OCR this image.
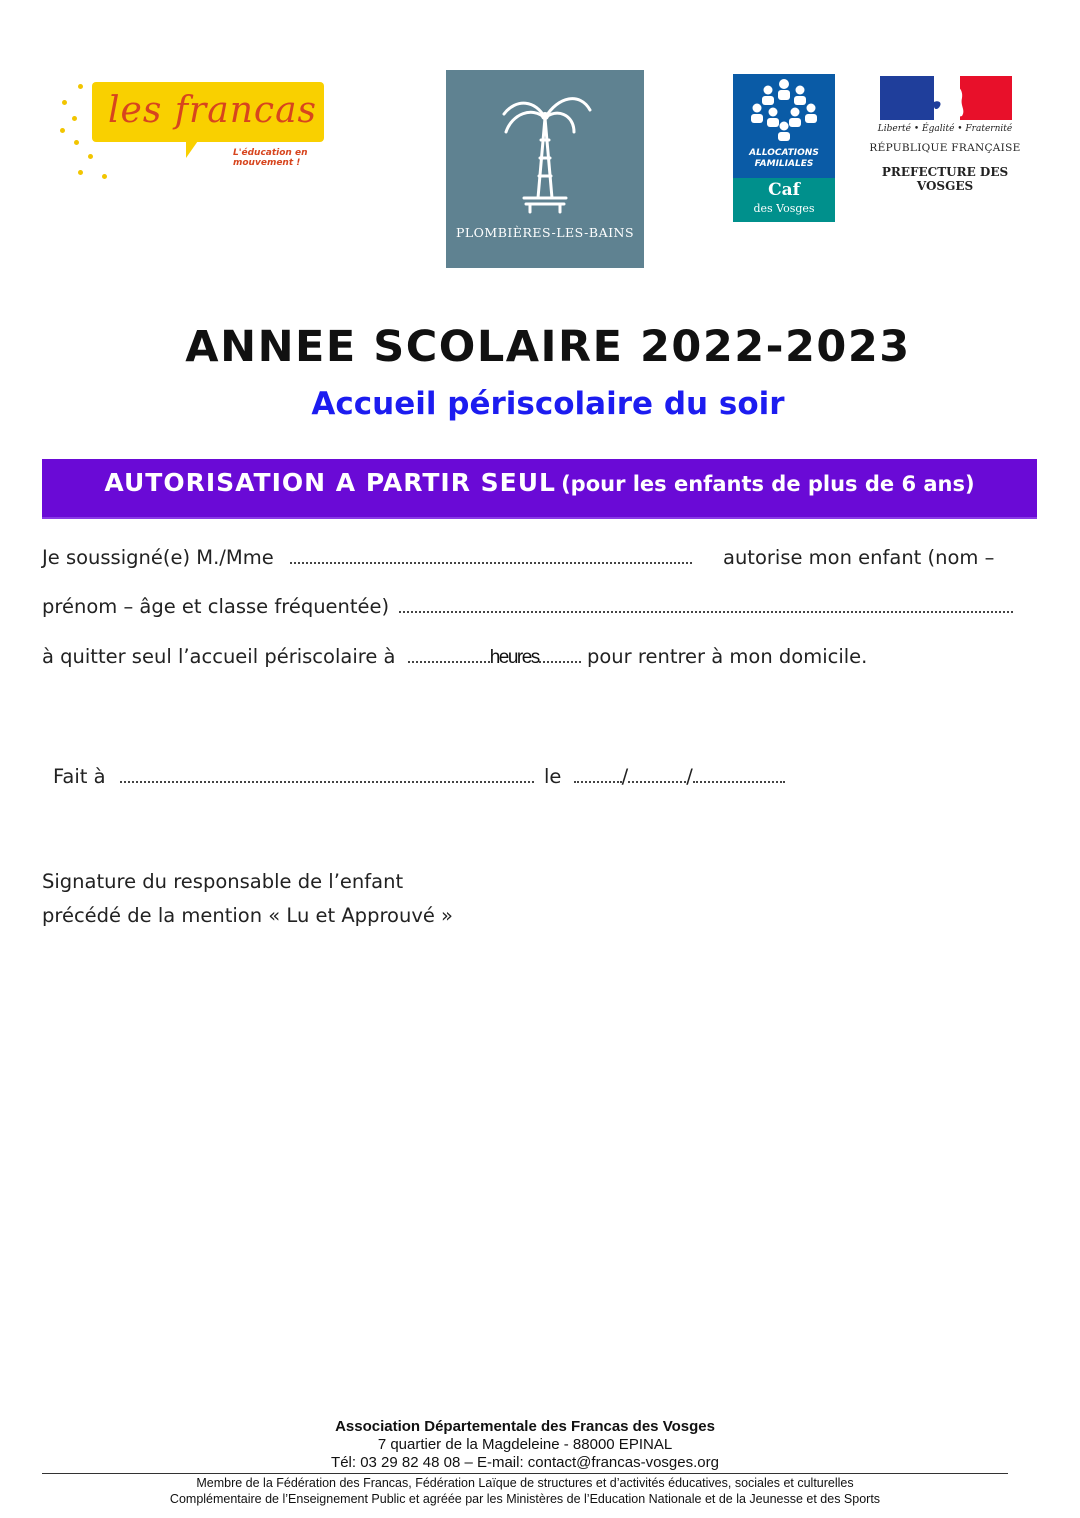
les francas
L'éducation en mouvement !
PLOMBIÈRES-LES-BAINS
ALLOCATIONS
FAMILIALES
Caf
des Vosges
Liberté • Égalité • Fraternité
RÉPUBLIQUE FRANÇAISE
PREFECTURE DES VOSGES
ANNEE SCOLAIRE 2022-2023
Accueil périscolaire du soir
AUTORISATION A PARTIR SEUL (pour les enfants de plus de 6 ans)
Je soussigné(e) M./Mme	autorise mon enfant (nom –
prénom – âge et classe fréquentée)
à quitter seul l’accueil périscolaire à	heures pour rentrer à mon domicile.
Fait à	le	/	/
Signature du responsable de l’enfant
précédé de la mention « Lu et Approuvé »
Association Départementale des Francas des Vosges
7 quartier de la Magdeleine - 88000 EPINAL
Tél: 03 29 82 48 08 – E-mail: contact@francas-vosges.org
Membre de la Fédération des Francas, Fédération Laïque de structures et d’activités éducatives, sociales et culturelles
Complémentaire de l’Enseignement Public et agréée par les Ministères de l’Education Nationale et de la Jeunesse et des Sports
